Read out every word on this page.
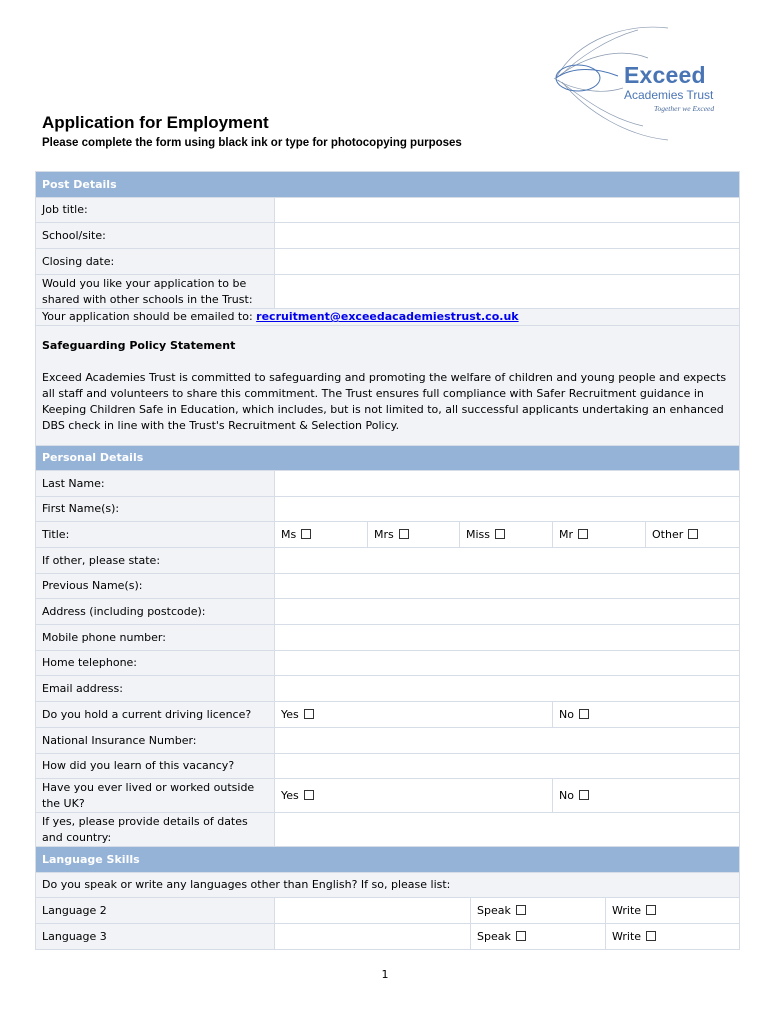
Exceed
Academies Trust
Together we Exceed
Application for Employment
Please complete the form using black ink or type for photocopying purposes
Post Details	
Job title:	
School/site:	
Closing date:	
Would you like your application to be shared with other schools in the Trust:	
Your application should be emailed to: recruitment@exceedacademiestrust.co.uk	

Safeguarding Policy Statement
Exceed Academies Trust is committed to safeguarding and promoting the welfare of children and young people and expects all staff and volunteers to share this commitment. The Trust ensures full compliance with Safer Recruitment guidance in Keeping Children Safe in Education, which includes, but is not limited to, all successful applicants undertaking an enhanced DBS check in line with the Trust's Recruitment & Selection Policy.	
Personal Details					
Last Name:					
First Name(s):					
Title:	Ms	Mrs	Miss	Mr	Other
If other, please state:					
Previous Name(s):					
Address (including postcode):					
Mobile phone number:					
Home telephone:					
Email address:					
Do you hold a current driving licence?	Yes			No	
National Insurance Number:					
How did you learn of this vacancy?					
Have you ever lived or worked outside the UK?	Yes			No	
If yes, please provide details of dates and country:					
Language Skills			
Do you speak or write any languages other than English? If so, please list:			
Language 2		Speak	Write
Language 3		Speak	Write
1
